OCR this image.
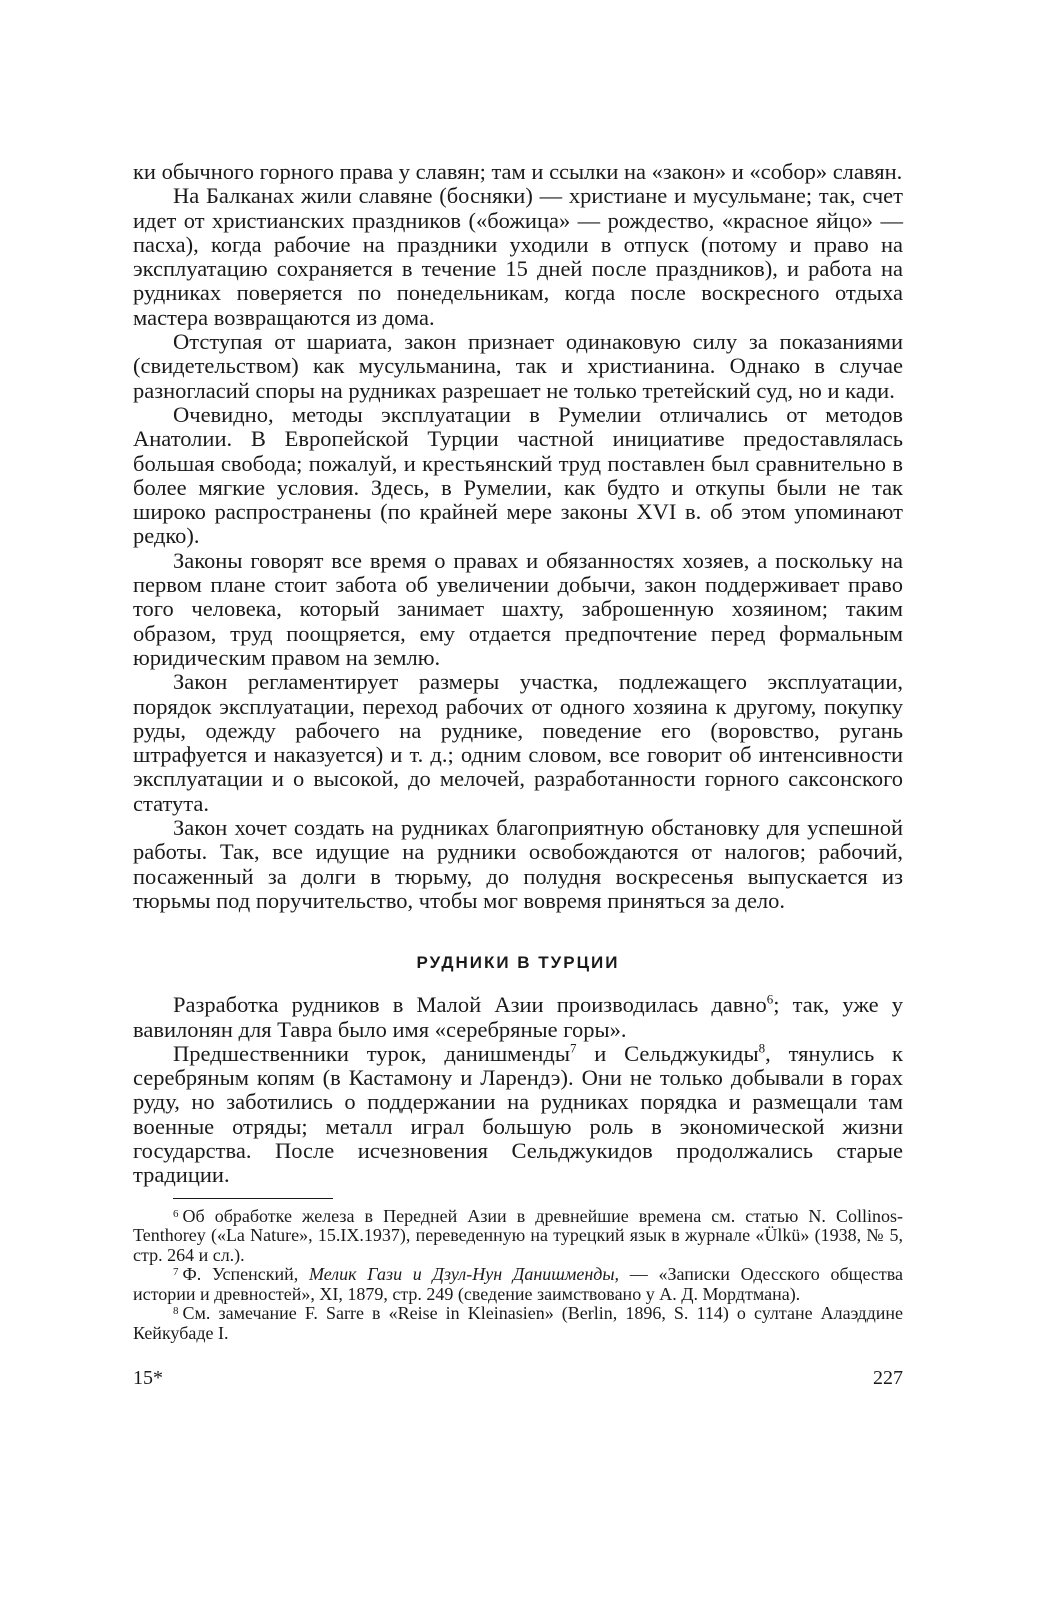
ки обычного горного права у славян; там и ссылки на «закон» и «собор» славян.

На Балканах жили славяне (босняки) — христиане и мусульмане; так, счет идет от христианских праздников («божица» — рождество, «красное яйцо» — пасха), когда рабочие на праздники уходили в отпуск (потому и право на эксплуатацию сохраняется в течение 15 дней после праздников), и работа на рудниках поверяется по понедельникам, когда после воскресного отдыха мастера возвращаются из дома.

Отступая от шариата, закон признает одинаковую силу за показаниями (свидетельством) как мусульманина, так и христианина. Однако в случае разногласий споры на рудниках разрешает не только третейский суд, но и кади.

Очевидно, методы эксплуатации в Румелии отличались от методов Анатолии. В Европейской Турции частной инициативе предоставлялась большая свобода; пожалуй, и крестьянский труд поставлен был сравнительно в более мягкие условия. Здесь, в Румелии, как будто и откупы были не так широко распространены (по крайней мере законы XVI в. об этом упоминают редко).

Законы говорят все время о правах и обязанностях хозяев, а поскольку на первом плане стоит забота об увеличении добычи, закон поддерживает право того человека, который занимает шахту, заброшенную хозяином; таким образом, труд поощряется, ему отдается предпочтение перед формальным юридическим правом на землю.

Закон регламентирует размеры участка, подлежащего эксплуатации, порядок эксплуатации, переход рабочих от одного хозяина к другому, покупку руды, одежду рабочего на руднике, поведение его (воровство, ругань штрафуется и наказуется) и т. д.; одним словом, все говорит об интенсивности эксплуатации и о высокой, до мелочей, разработанности горного саксонского статута.

Закон хочет создать на рудниках благоприятную обстановку для успешной работы. Так, все идущие на рудники освобождаются от налогов; рабочий, посаженный за долги в тюрьму, до полудня воскресенья выпускается из тюрьмы под поручительство, чтобы мог вовремя приняться за дело.

РУДНИКИ В ТУРЦИИ

Разработка рудников в Малой Азии производилась давно$^6$; так, уже у вавилонян для Тавра было имя «серебряные горы».

Предшественники турок, данишменды$^7$ и Сельджукиды$^8$, тянулись к серебряным копям (в Кастамону и Ларендэ). Они не только добывали в горах руду, но заботились о поддержании на рудниках порядка и размещали там военные отряды; металл играл большую роль в экономической жизни государства. После исчезновения Сельджукидов продолжались старые традиции.

$^6$ Об обработке железа в Передней Азии в древнейшие времена см. статью N. Collinos-Tenthorey («La Nature», 15.IX.1937), переведенную на турецкий язык в журнале «Ülkü» (1938, № 5, стр. 264 и сл.).

$^7$ Ф. Успенский, Мелик Гази и Дзул-Нун Данишменды, — «Записки Одесского общества истории и древностей», XI, 1879, стр. 249 (сведение заимствовано у А. Д. Мордтмана).

$^8$ См. замечание F. Sarre в «Reise in Kleinasien» (Berlin, 1896, S. 114) о султане Алаэддине Кейкубаде I.

15*	227
